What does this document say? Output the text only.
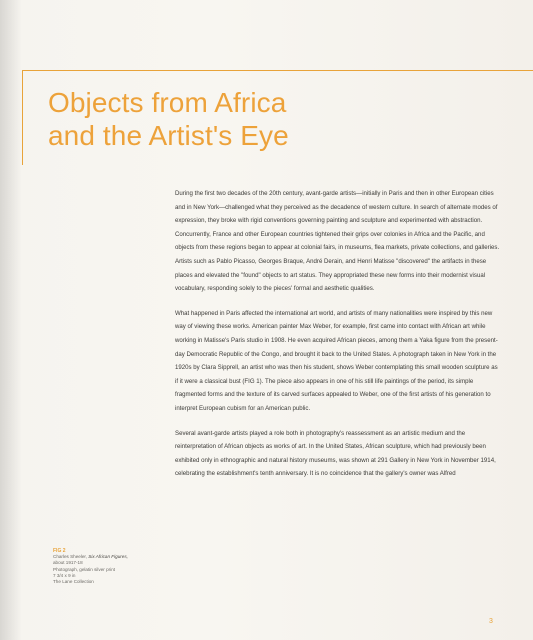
Objects from Africa
and the Artist's Eye

During the first two decades of the 20th century, avant-garde artists—initially in Paris and then in other European cities and in New York—challenged what they perceived as the decadence of western culture. In search of alternate modes of expression, they broke with rigid conventions governing painting and sculpture and experimented with abstraction. Concurrently, France and other European countries tightened their grips over colonies in Africa and the Pacific, and objects from these regions began to appear at colonial fairs, in museums, flea markets, private collections, and galleries. Artists such as Pablo Picasso, Georges Braque, André Derain, and Henri Matisse "discovered" the artifacts in these places and elevated the "found" objects to art status. They appropriated these new forms into their modernist visual vocabulary, responding solely to the pieces' formal and aesthetic qualities.

What happened in Paris affected the international art world, and artists of many nationalities were inspired by this new way of viewing these works. American painter Max Weber, for example, first came into contact with African art while working in Matisse's Paris studio in 1908. He even acquired African pieces, among them a Yaka figure from the present-day Democratic Republic of the Congo, and brought it back to the United States. A photograph taken in New York in the 1920s by Clara Sipprell, an artist who was then his student, shows Weber contemplating this small wooden sculpture as if it were a classical bust (FIG 1). The piece also appears in one of his still life paintings of the period, its simple fragmented forms and the texture of its carved surfaces appealed to Weber, one of the first artists of his generation to interpret European cubism for an American public.

Several avant-garde artists played a role both in photography's reassessment as an artistic medium and the reinterpretation of African objects as works of art. In the United States, African sculpture, which had previously been exhibited only in ethnographic and natural history museums, was shown at 291 Gallery in New York in November 1914, celebrating the establishment's tenth anniversary. It is no coincidence that the gallery's owner was Alfred

FIG 2
Charles Sheeler, Six African Figures,
about 1917-18
Photograph, gelatin silver print
7 3/4 x 9 in
The Lane Collection
3
